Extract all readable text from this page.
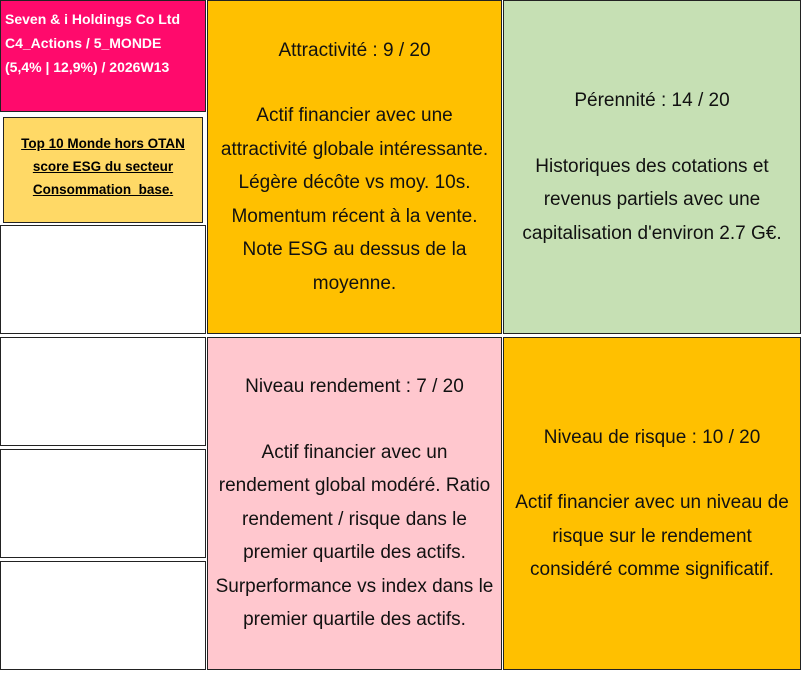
Seven & i Holdings Co Ltd
C4_Actions / 5_MONDE
(5,4% | 12,9%) / 2026W13
Top 10 Monde hors OTAN
score ESG du secteur
Consommation_base.
Attractivité : 9 / 20
Actif financier avec une
attractivité globale intéressante.
Légère décôte vs moy. 10s.
Momentum récent à la vente.
Note ESG au dessus de la
moyenne.
Pérennité : 14 / 20
Historiques des cotations et
revenus partiels avec une
capitalisation d'environ 2.7 G€.
Niveau rendement : 7 / 20
Actif financier avec un
rendement global modéré. Ratio
rendement / risque dans le
premier quartile des actifs.
Surperformance vs index dans le
premier quartile des actifs.
Niveau de risque : 10 / 20
Actif financier avec un niveau de
risque sur le rendement
considéré comme significatif.
